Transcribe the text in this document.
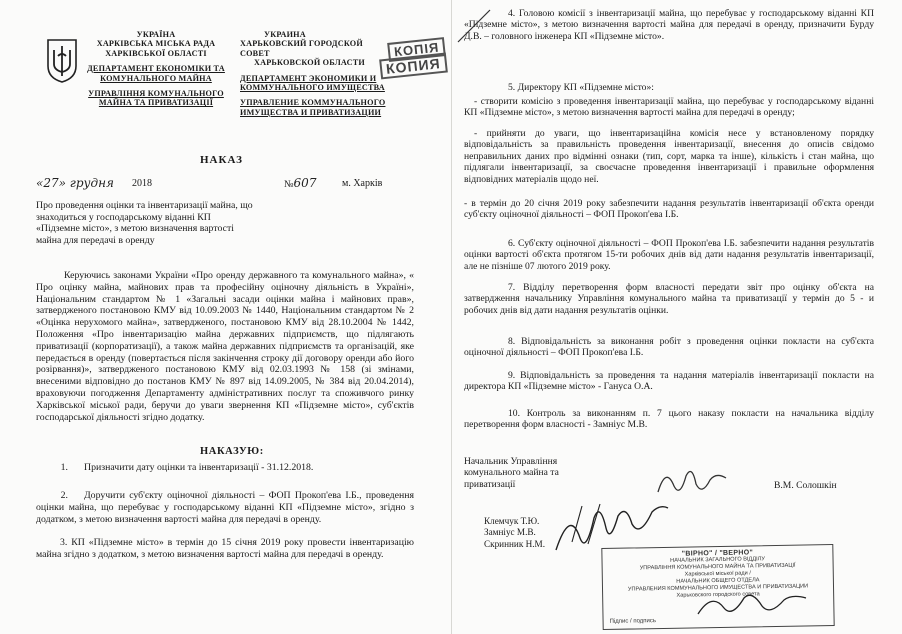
УКРАЇНА
ХАРКІВСЬКА МІСЬКА РАДА
ХАРКІВСЬКОЇ ОБЛАСТІ
ДЕПАРТАМЕНТ ЕКОНОМІКИ ТА КОМУНАЛЬНОГО МАЙНА
УПРАВЛІННЯ КОМУНАЛЬНОГО МАЙНА ТА ПРИВАТИЗАЦІЇ
УКРАИНА
ХАРЬКОВСКИЙ ГОРОДСКОЙ СОВЕТ
ХАРЬКОВСКОЙ ОБЛАСТИ
ДЕПАРТАМЕНТ ЭКОНОМИКИ И КОММУНАЛЬНОГО ИМУЩЕСТВА
УПРАВЛЕНИЕ КОММУНАЛЬНОГО ИМУЩЕСТВА И ПРИВАТИЗАЦИИ
НАКАЗ
«27» грудня 2018	№607	м. Харків
Про проведення оцінки та інвентаризації майна, що знаходиться у господарському віданні КП «Підземне місто», з метою визначення вартості майна для передачі в оренду
Керуючись законами України «Про оренду державного та комунального майна», « Про оцінку майна, майнових прав та професійну оціночну діяльність в Україні», Національним стандартом № 1 «Загальні засади оцінки майна і майнових прав», затвердженого постановою КМУ від 10.09.2003 № 1440, Національним стандартом № 2 «Оцінка нерухомого майна», затвердженого, постановою КМУ від 28.10.2004 № 1442, Положення «Про інвентаризацію майна державних підприємств, що підлягають приватизації (корпоратизації), а також майна державних підприємств та організацій, яке передається в оренду (повертається після закінчення строку дії договору оренди або його розірвання)», затвердженого постановою КМУ від 02.03.1993 № 158 (зі змінами, внесеними відповідно до постанов КМУ № 897 від 14.09.2005, № 384 від 20.04.2014), враховуючи погодження Департаменту адміністративних послуг та споживчого ринку Харківської міської ради, беручи до уваги звернення КП «Підземне місто», суб'єктів господарської діяльності згідно додатку.
НАКАЗУЮ:
1. Призначити дату оцінки та інвентаризації - 31.12.2018.
2. Доручити суб'єкту оціночної діяльності – ФОП Прокоп'ева І.Б., проведення оцінки майна, що перебуває у господарському віданні КП «Підземне місто», згідно з додатком, з метою визначення вартості майна для передачі в оренду.
3. КП «Підземне місто» в термін до 15 січня 2019 року провести інвентаризацію майна згідно з додатком, з метою визначення вартості майна для передачі в оренду.
4. Головою комісії з інвентаризації майна, що перебуває у господарському віданні КП «Підземне місто», з метою визначення вартості майна для передачі в оренду, призначити Бурду Д.В. – головного інженера КП «Підземне місто».
5. Директору КП «Підземне місто»:
- створити комісію з проведення інвентаризації майна, що перебуває у господарському віданні КП «Підземне місто», з метою визначення вартості майна для передачі в оренду;
- прийняти до уваги, що інвентаризаційна комісія несе у встановленому порядку відповідальність за правильність проведення інвентаризації, внесення до описів свідомо неправильних даних про відмінні ознаки (тип, сорт, марка та інше), кількість і стан майна, що підлягали інвентаризації, за своєчасне проведення інвентаризації і правильне оформлення відповідних матеріалів щодо неї.
- в термін до 20 січня 2019 року забезпечити надання результатів інвентаризації об'єкта оренди суб'єкту оціночної діяльності – ФОП Прокоп'ева І.Б.
6. Суб'єкту оціночної діяльності – ФОП Прокоп'ева І.Б. забезпечити надання результатів оцінки вартості об'єкта протягом 15-ти робочих днів від дати надання результатів інвентаризації, але не пізніше 07 лютого 2019 року.
7. Відділу перетворення форм власності передати звіт про оцінку об'єкта на затвердження начальнику Управління комунального майна та приватизації у термін до 5 - и робочих днів від дати надання результатів оцінки.
8. Відповідальність за виконання робіт з проведення оцінки покласти на суб'єкта оціночної діяльності – ФОП Прокоп'ева І.Б.
9. Відповідальність за проведення та надання матеріалів інвентаризації покласти на директора КП «Підземне місто» - Гануса О.А.
10. Контроль за виконанням п. 7 цього наказу покласти на начальника відділу перетворення форм власності - Замніус М.В.
Начальник Управління комунального майна та приватизації	В.М. Солошкін
Клемчук Т.Ю.
Замніус М.В.
Скринник Н.М.
"ВІРНО" / "ВЕРНО"
НАЧАЛЬНИК ЗАГАЛЬНОГО ВІДДІЛУ
УПРАВЛІННЯ КОМУНАЛЬНОГО МАЙНА ТА ПРИВАТИЗАЦІЇ
Харківської міської ради /
НАЧАЛЬНИК ОБЩЕГО ОТДЕЛА
УПРАВЛЕНИЯ КОММУНАЛЬНОГО ИМУЩЕСТВА И ПРИВАТИЗАЦИИ
Харьковского городского совета
Підпис / подпись
КОПІЯ
КОПИЯ
